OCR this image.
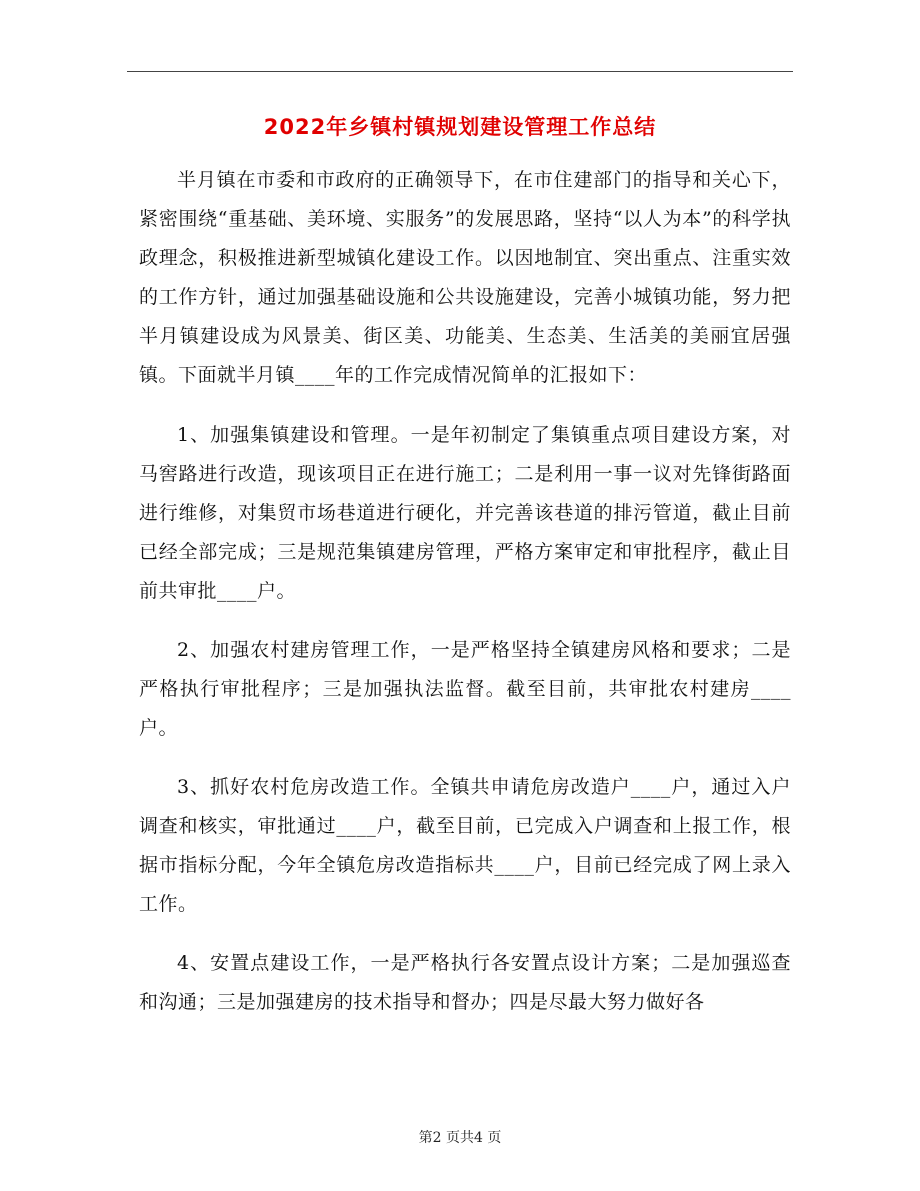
2022年乡镇村镇规划建设管理工作总结

半月镇在市委和市政府的正确领导下，在市住建部门的指导和关心下，紧密围绕“重基础、美环境、实服务”的发展思路，坚持“以人为本”的科学执政理念，积极推进新型城镇化建设工作。以因地制宜、突出重点、注重实效的工作方针，通过加强基础设施和公共设施建设，完善小城镇功能，努力把半月镇建设成为风景美、街区美、功能美、生态美、生活美的美丽宜居强镇。下面就半月镇____年的工作完成情况简单的汇报如下：

1、加强集镇建设和管理。一是年初制定了集镇重点项目建设方案，对马窖路进行改造，现该项目正在进行施工；二是利用一事一议对先锋街路面进行维修，对集贸市场巷道进行硬化，并完善该巷道的排污管道，截止目前已经全部完成；三是规范集镇建房管理，严格方案审定和审批程序，截止目前共审批____户。

2、加强农村建房管理工作，一是严格坚持全镇建房风格和要求；二是严格执行审批程序；三是加强执法监督。截至目前，共审批农村建房____户。

3、抓好农村危房改造工作。全镇共申请危房改造户____户，通过入户调查和核实，审批通过____户，截至目前，已完成入户调查和上报工作，根据市指标分配，今年全镇危房改造指标共____户，目前已经完成了网上录入工作。

4、安置点建设工作，一是严格执行各安置点设计方案；二是加强巡查和沟通；三是加强建房的技术指导和督办；四是尽最大努力做好各

第2 页共4 页
